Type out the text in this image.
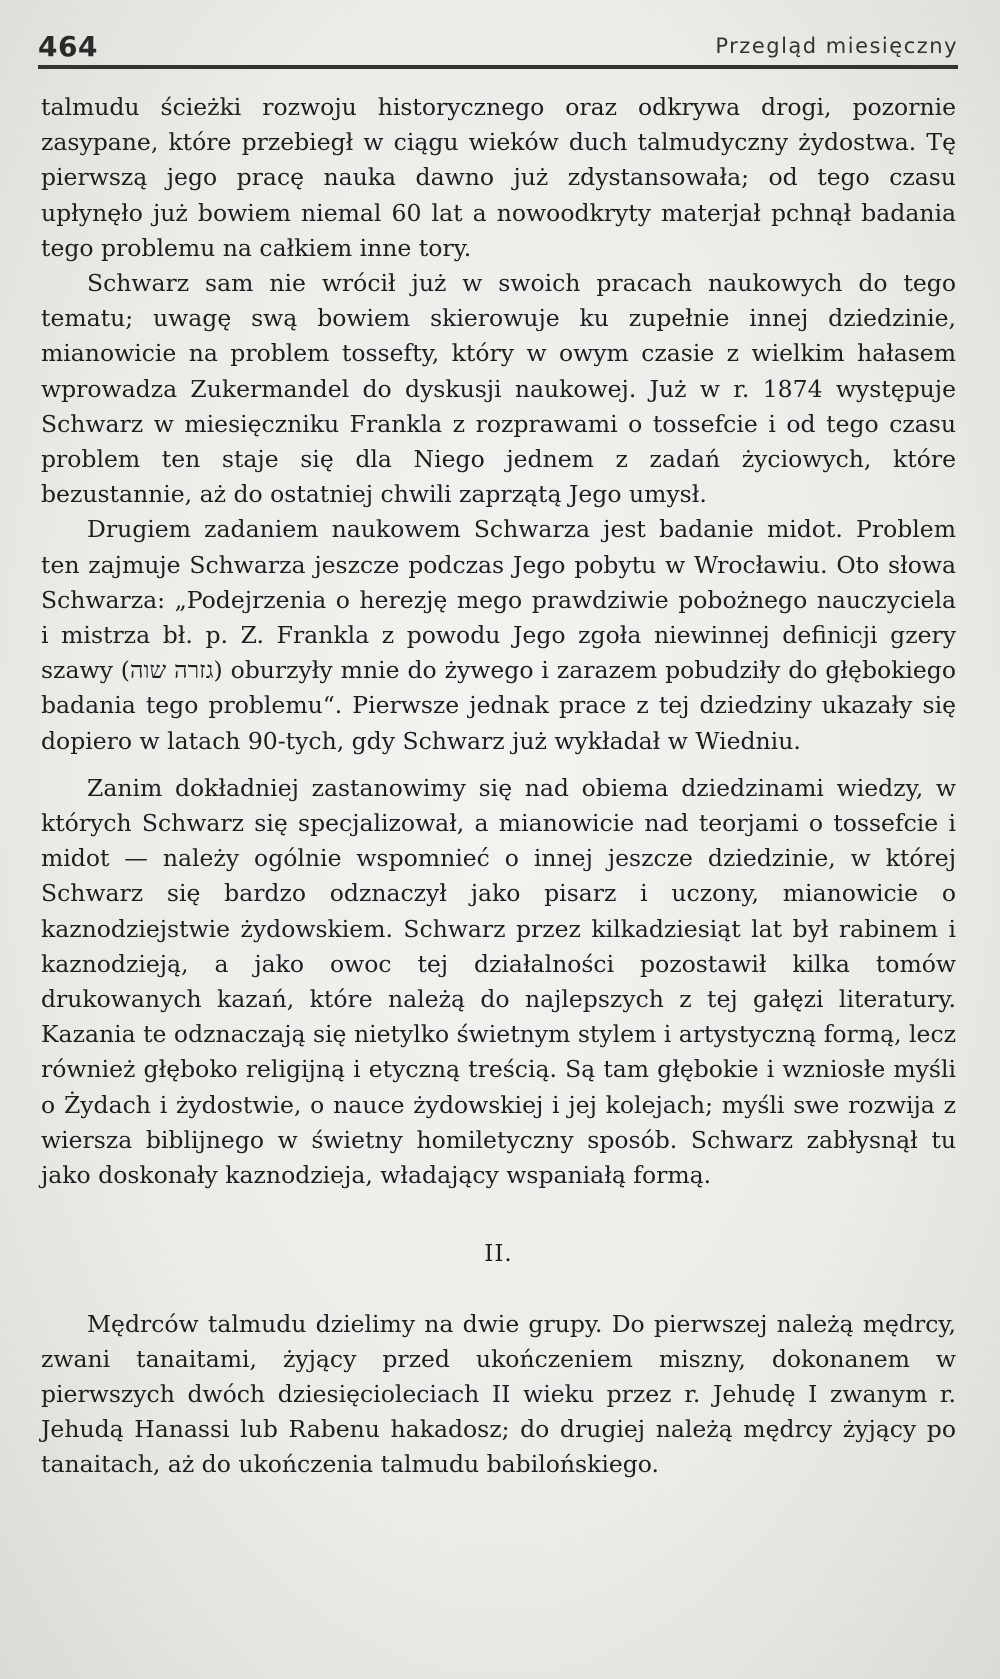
464	Przegląd miesięczny

talmudu ścieżki rozwoju historycznego oraz odkrywa drogi, pozornie zasypane, które przebiegł w ciągu wieków duch talmudyczny żydostwa. Tę pierwszą jego pracę nauka dawno już zdystansowała; od tego czasu upłynęło już bowiem niemal 60 lat a nowoodkryty materjał pchnął badania tego problemu na całkiem inne tory.

Schwarz sam nie wrócił już w swoich pracach naukowych do tego tematu; uwagę swą bowiem skierowuje ku zupełnie innej dziedzinie, mianowicie na problem tossefty, który w owym czasie z wielkim hałasem wprowadza Zukermandel do dyskusji naukowej. Już w r. 1874 występuje Schwarz w miesięczniku Frankla z rozprawami o tossefcie i od tego czasu problem ten staje się dla Niego jednem z zadań życiowych, które bezustannie, aż do ostatniej chwili zaprzątą Jego umysł.

Drugiem zadaniem naukowem Schwarza jest badanie midot. Problem ten zajmuje Schwarza jeszcze podczas Jego pobytu w Wrocławiu. Oto słowa Schwarza: „Podejrzenia o herezję mego prawdziwie pobożnego nauczyciela i mistrza bł. p. Z. Frankla z powodu Jego zgoła niewinnej definicji gzery szawy (גזרה שוה) oburzyły mnie do żywego i zarazem pobudziły do głębokiego badania tego problemu“. Pierwsze jednak prace z tej dziedziny ukazały się dopiero w latach 90-tych, gdy Schwarz już wykładał w Wiedniu.

Zanim dokładniej zastanowimy się nad obiema dziedzinami wiedzy, w których Schwarz się specjalizował, a mianowicie nad teorjami o tossefcie i midot — należy ogólnie wspomnieć o innej jeszcze dziedzinie, w której Schwarz się bardzo odznaczył jako pisarz i uczony, mianowicie o kaznodziejstwie żydowskiem. Schwarz przez kilkadziesiąt lat był rabinem i kaznodzieją, a jako owoc tej działalności pozostawił kilka tomów drukowanych kazań, które należą do najlepszych z tej gałęzi literatury. Kazania te odznaczają się nietylko świetnym stylem i artystyczną formą, lecz również głęboko religijną i etyczną treścią. Są tam głębokie i wzniosłe myśli o Żydach i żydostwie, o nauce żydowskiej i jej kolejach; myśli swe rozwija z wiersza biblijnego w świetny homiletyczny sposób. Schwarz zabłysnął tu jako doskonały kaznodzieja, władający wspaniałą formą.

II.

Mędrców talmudu dzielimy na dwie grupy. Do pierwszej należą mędrcy, zwani tanaitami, żyjący przed ukończeniem miszny, dokonanem w pierwszych dwóch dziesięcioleciach II wieku przez r. Jehudę I zwanym r. Jehudą Hanassi lub Rabenu hakadosz; do drugiej należą mędrcy żyjący po tanaitach, aż do ukończenia talmudu babilońskiego.
